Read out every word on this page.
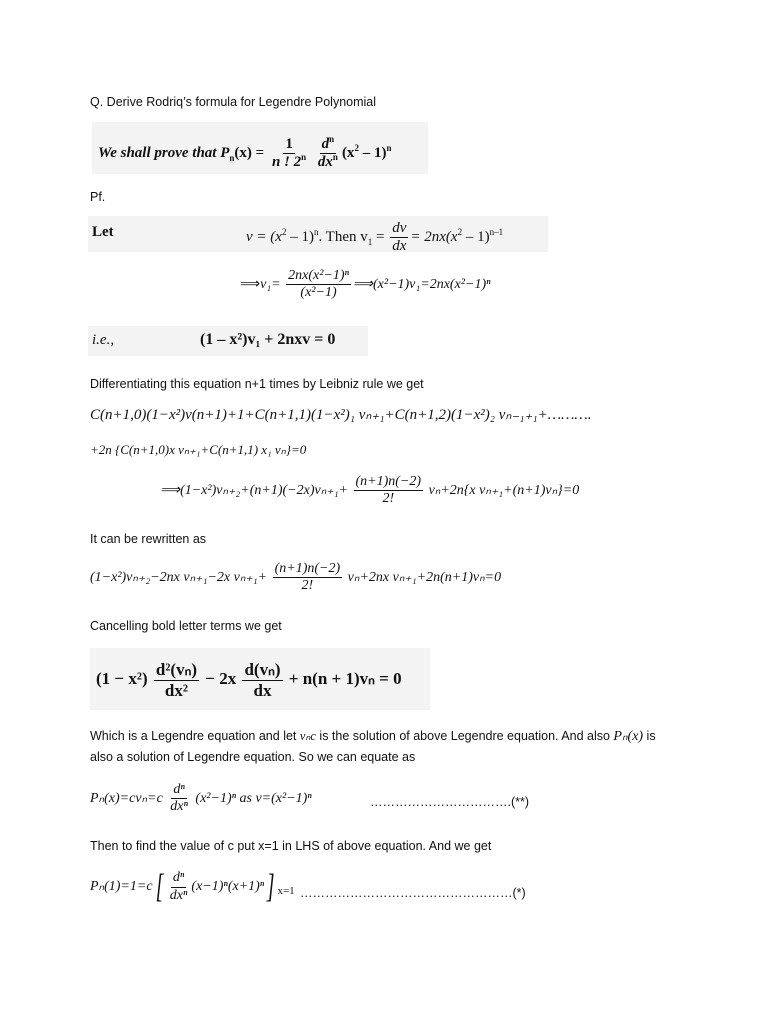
Q. Derive Rodriq’s formula for Legendre Polynomial
We shall prove that $P_n(x) = \frac{1}{n ! 2^n}$
$\frac{d^n}{dx^n} (x^2 - 1)^n$
Pf.
Let	$v = (x^2 - 1)^n$. Then $v_1 = \frac{dv}{dx} = 2nx(x^2 - 1)^{n-1}$
⟹v₁= $\frac{\text{2nx(x²−1)ⁿ}}{\text{(x²−1)}}$ ⟹(x²−1)v₁=2nx(x²−1)ⁿ
i.e.,	(1 – x²)v₁ + 2nxv = 0
Differentiating this equation n+1 times by Leibniz rule we get
C(n+1,0)(1−x²)v(n+1)+1+C(n+1,1)(1−x²)₁ vₙ₊₁+C(n+1,2)(1−x²)₂ vₙ₋₁₊₁+……….
+2n {C(n+1,0)x vₙ₊₁+C(n+1,1) x₁ vₙ}=0
⟹(1−x²)vₙ₊₂+(n+1)(−2x)vₙ₊₁+ $\frac{(n+1)n(-2)}{2!} v_n+2n\{x$ vₙ₊₁+(n+1)vₙ}=0
It can be rewritten as
(1−x²)vₙ₊₂−2nx vₙ₊₁−2x $v_{n+1}+ \frac{(n+1)n(-2)}{2!} v_n+2nx$ vₙ₊₁+2n(n+1)vₙ=0
Cancelling bold letter terms we get
$(1 - x^2) \frac{\text{d²(vₙ)}}{\text{dx²}} - 2x \frac{\text{d(vₙ)}}{dx} + n(n + 1)v_n = 0$
Which is a Legendre equation and let vₙc is the solution of above Legendre equation. And also Pₙ(x) is
also a solution of Legendre equation. So we can equate as
$P_n(x)=cv_n=c \frac{\text{dⁿ}}{\text{dxⁿ}} (x^2-1)^n$ as v=(x²−1)ⁿ	…………………………….(**)
Then to find the value of c put x=1 in LHS of above equation. And we get
$P_n(1)=1=c[ \frac{\text{dⁿ}}{\text{dxⁿ}} (x-1)^n(x+1)^n]$ $_{x=1}$ ……………………………………………(*)
